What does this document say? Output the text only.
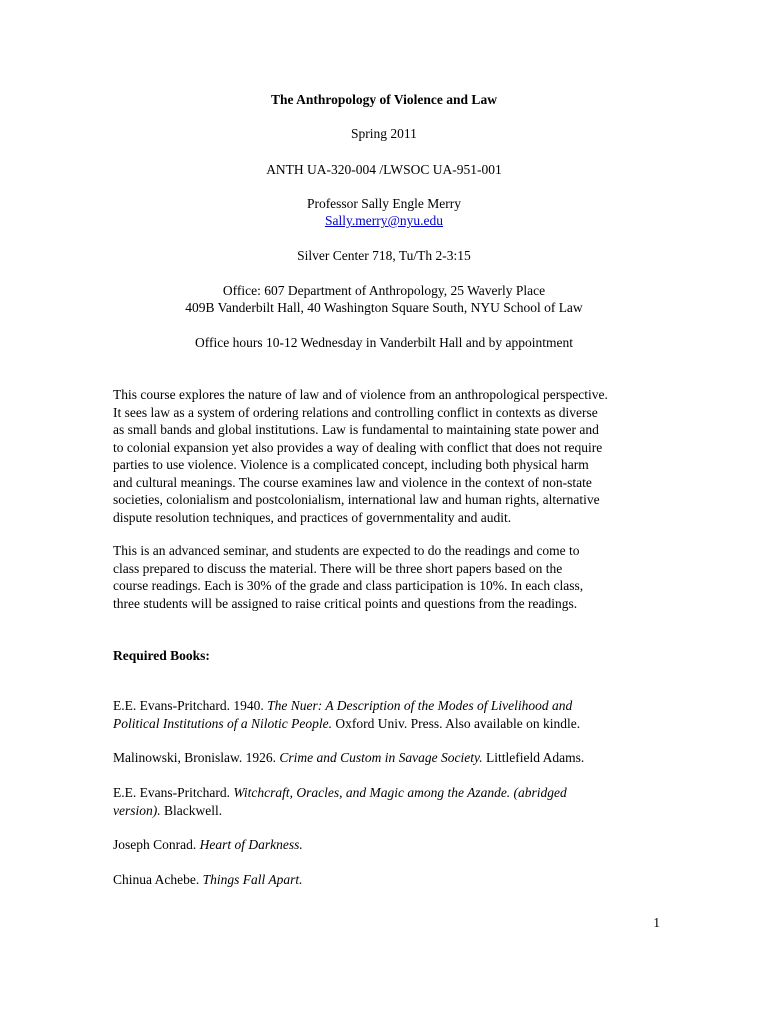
The Anthropology of Violence and Law
Spring 2011
ANTH UA-320-004 /LWSOC UA-951-001
Professor Sally Engle Merry
Sally.merry@nyu.edu
Silver Center 718, Tu/Th 2-3:15
Office: 607 Department of Anthropology, 25 Waverly Place
409B Vanderbilt Hall, 40 Washington Square South, NYU School of Law
Office hours 10-12 Wednesday in Vanderbilt Hall and by appointment
This course explores the nature of law and of violence from an anthropological perspective.
It sees law as a system of ordering relations and controlling conflict in contexts as diverse
as small bands and global institutions. Law is fundamental to maintaining state power and
to colonial expansion yet also provides a way of dealing with conflict that does not require
parties to use violence. Violence is a complicated concept, including both physical harm
and cultural meanings. The course examines law and violence in the context of non-state
societies, colonialism and postcolonialism, international law and human rights, alternative
dispute resolution techniques, and practices of governmentality and audit.
This is an advanced seminar, and students are expected to do the readings and come to
class prepared to discuss the material. There will be three short papers based on the
course readings. Each is 30% of the grade and class participation is 10%. In each class,
three students will be assigned to raise critical points and questions from the readings.
Required Books:
E.E. Evans-Pritchard. 1940. The Nuer: A Description of the Modes of Livelihood and
Political Institutions of a Nilotic People. Oxford Univ. Press. Also available on kindle.
Malinowski, Bronislaw. 1926. Crime and Custom in Savage Society. Littlefield Adams.
E.E. Evans-Pritchard. Witchcraft, Oracles, and Magic among the Azande. (abridged
version). Blackwell.
Joseph Conrad. Heart of Darkness.
Chinua Achebe. Things Fall Apart.
1
